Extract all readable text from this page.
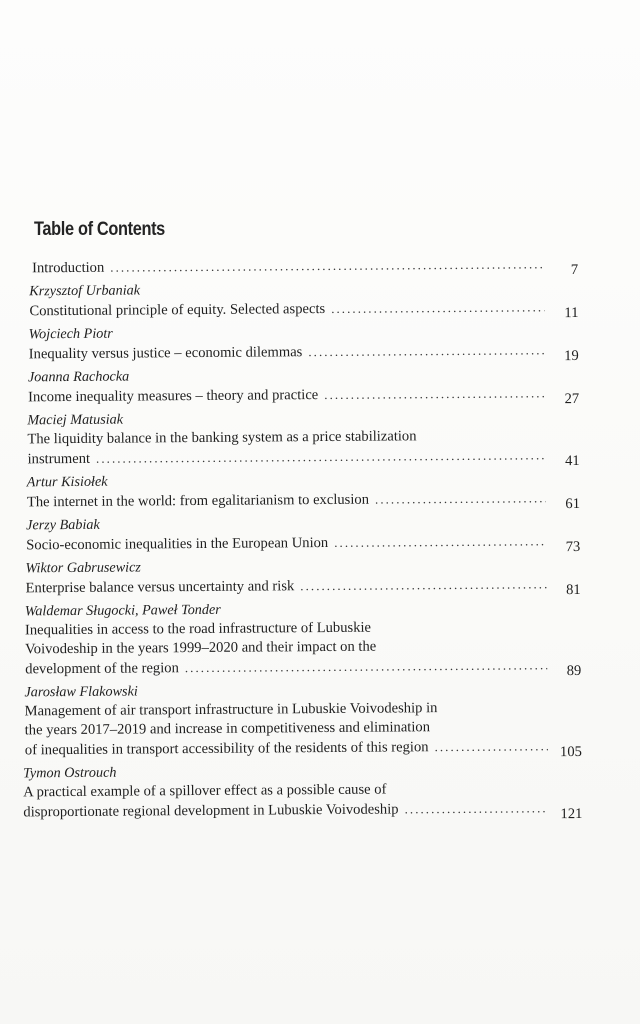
Table of Contents
Introduction . . .	7
Krzysztof Urbaniak
Constitutional principle of equity. Selected aspects . . .	11
Wojciech Piotr
Inequality versus justice – economic dilemmas . . .	19
Joanna Rachocka
Income inequality measures – theory and practice . . .	27
Maciej Matusiak
The liquidity balance in the banking system as a price stabilization
instrument . . .	41
Artur Kisiołek
The internet in the world: from egalitarianism to exclusion . . .	61
Jerzy Babiak
Socio-economic inequalities in the European Union . . .	73
Wiktor Gabrusewicz
Enterprise balance versus uncertainty and risk . . .	81
Waldemar Sługocki, Paweł Tonder
Inequalities in access to the road infrastructure of Lubuskie
Voivodeship in the years 1999–2020 and their impact on the
development of the region . . .	89
Jarosław Flakowski
Management of air transport infrastructure in Lubuskie Voivodeship in
the years 2017–2019 and increase in competitiveness and elimination
of inequalities in transport accessibility of the residents of this region . . .	105
Tymon Ostrouch
A practical example of a spillover effect as a possible cause of
disproportionate regional development in Lubuskie Voivodeship . . .	121
